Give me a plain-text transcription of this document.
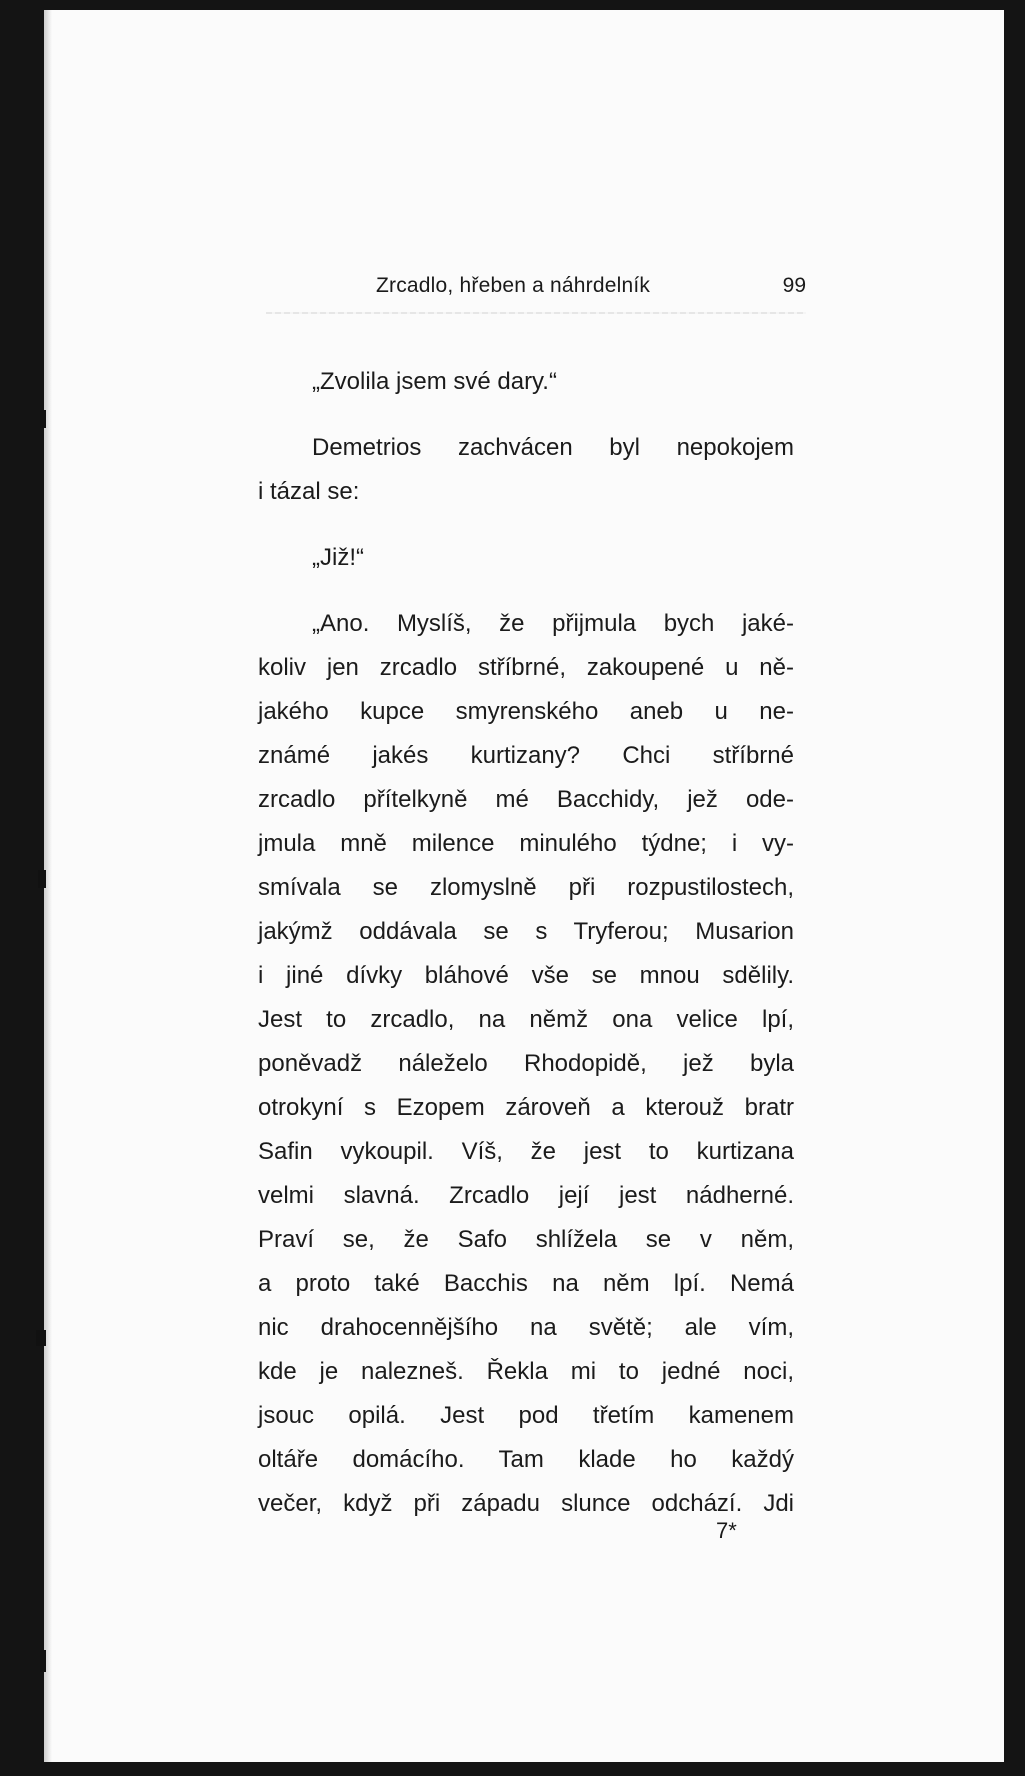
Zrcadlo, hřeben a náhrdelník	99
„Zvolila jsem své dary.“
Demetrios zachvácen byl nepokojem
i tázal se:
„Již!“
„Ano. Myslíš, že přijmula bych jaké-
koliv jen zrcadlo stříbrné, zakoupené u ně-
jakého kupce smyrenského aneb u ne-
známé jakés kurtizany? Chci stříbrné
zrcadlo přítelkyně mé Bacchidy, jež ode-
jmula mně milence minulého týdne; i vy-
smívala se zlomyslně při rozpustilostech,
jakýmž oddávala se s Tryferou; Musarion
i jiné dívky bláhové vše se mnou sdělily.
Jest to zrcadlo, na němž ona velice lpí,
poněvadž náleželo Rhodopidě, jež byla
otrokyní s Ezopem zároveň a kterouž bratr
Safin vykoupil. Víš, že jest to kurtizana
velmi slavná. Zrcadlo její jest nádherné.
Praví se, že Safo shlížela se v něm,
a proto také Bacchis na něm lpí. Nemá
nic drahocennějšího na světě; ale vím,
kde je nalezneš. Řekla mi to jedné noci,
jsouc opilá. Jest pod třetím kamenem
oltáře domácího. Tam klade ho každý
večer, když při západu slunce odchází. Jdi
7*
